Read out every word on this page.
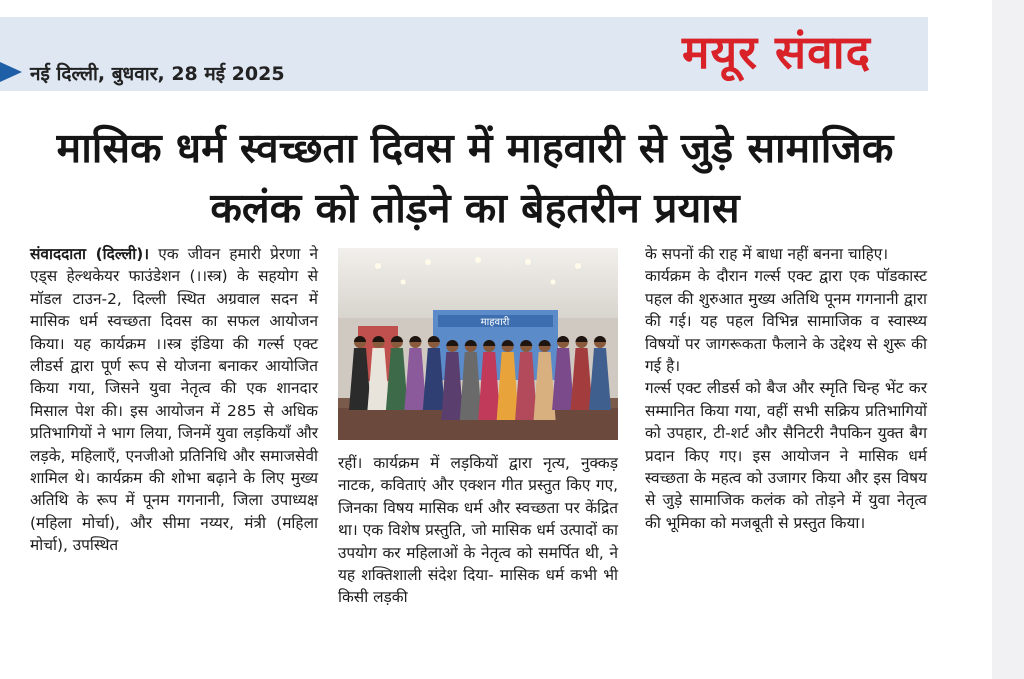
नई दिल्ली, बुधवार, 28 मई 2025	मयूर संवाद
मासिक धर्म स्वच्छता दिवस में माहवारी से जुड़े सामाजिक कलंक को तोड़ने का बेहतरीन प्रयास

संवाददाता (दिल्ली)। एक जीवन हमारी प्रेरणा ने एड्स हेल्थकेयर फाउंडेशन (।।स्त्र) के सहयोग से मॉडल टाउन-2, दिल्ली स्थित अग्रवाल सदन में मासिक धर्म स्वच्छता दिवस का सफल आयोजन किया। यह कार्यक्रम ।।स्त्र इंडिया की गर्ल्स एक्ट लीडर्स द्वारा पूर्ण रूप से योजना बनाकर आयोजित किया गया, जिसने युवा नेतृत्व की एक शानदार मिसाल पेश की। इस आयोजन में 285 से अधिक प्रतिभागियों ने भाग लिया, जिनमें युवा लड़कियाँ और लड़के, महिलाएँ, एनजीओ प्रतिनिधि और समाजसेवी शामिल थे। कार्यक्रम की शोभा बढ़ाने के लिए मुख्य अतिथि के रूप में पूनम गगनानी, जिला उपाध्यक्ष (महिला मोर्चा), और सीमा नय्यर, मंत्री (महिला मोर्चा), उपस्थित

माहवारी

रहीं। कार्यक्रम में लड़कियों द्वारा नृत्य, नुक्कड़ नाटक, कविताएं और एक्शन गीत प्रस्तुत किए गए, जिनका विषय मासिक धर्म और स्वच्छता पर केंद्रित था। एक विशेष प्रस्तुति, जो मासिक धर्म उत्पादों का उपयोग कर महिलाओं के नेतृत्व को समर्पित थी, ने यह शक्तिशाली संदेश दिया- मासिक धर्म कभी भी किसी लड़की

के सपनों की राह में बाधा नहीं बनना चाहिए।

कार्यक्रम के दौरान गर्ल्स एक्ट द्वारा एक पॉडकास्ट पहल की शुरुआत मुख्य अतिथि पूनम गगनानी द्वारा की गई। यह पहल विभिन्न सामाजिक व स्वास्थ्य विषयों पर जागरूकता फैलाने के उद्देश्य से शुरू की गई है।

गर्ल्स एक्ट लीडर्स को बैज और स्मृति चिन्ह भेंट कर सम्मानित किया गया, वहीं सभी सक्रिय प्रतिभागियों को उपहार, टी-शर्ट और सैनिटरी नैपकिन युक्त बैग प्रदान किए गए। इस आयोजन ने मासिक धर्म स्वच्छता के महत्व को उजागर किया और इस विषय से जुड़े सामाजिक कलंक को तोड़ने में युवा नेतृत्व की भूमिका को मजबूती से प्रस्तुत किया।
